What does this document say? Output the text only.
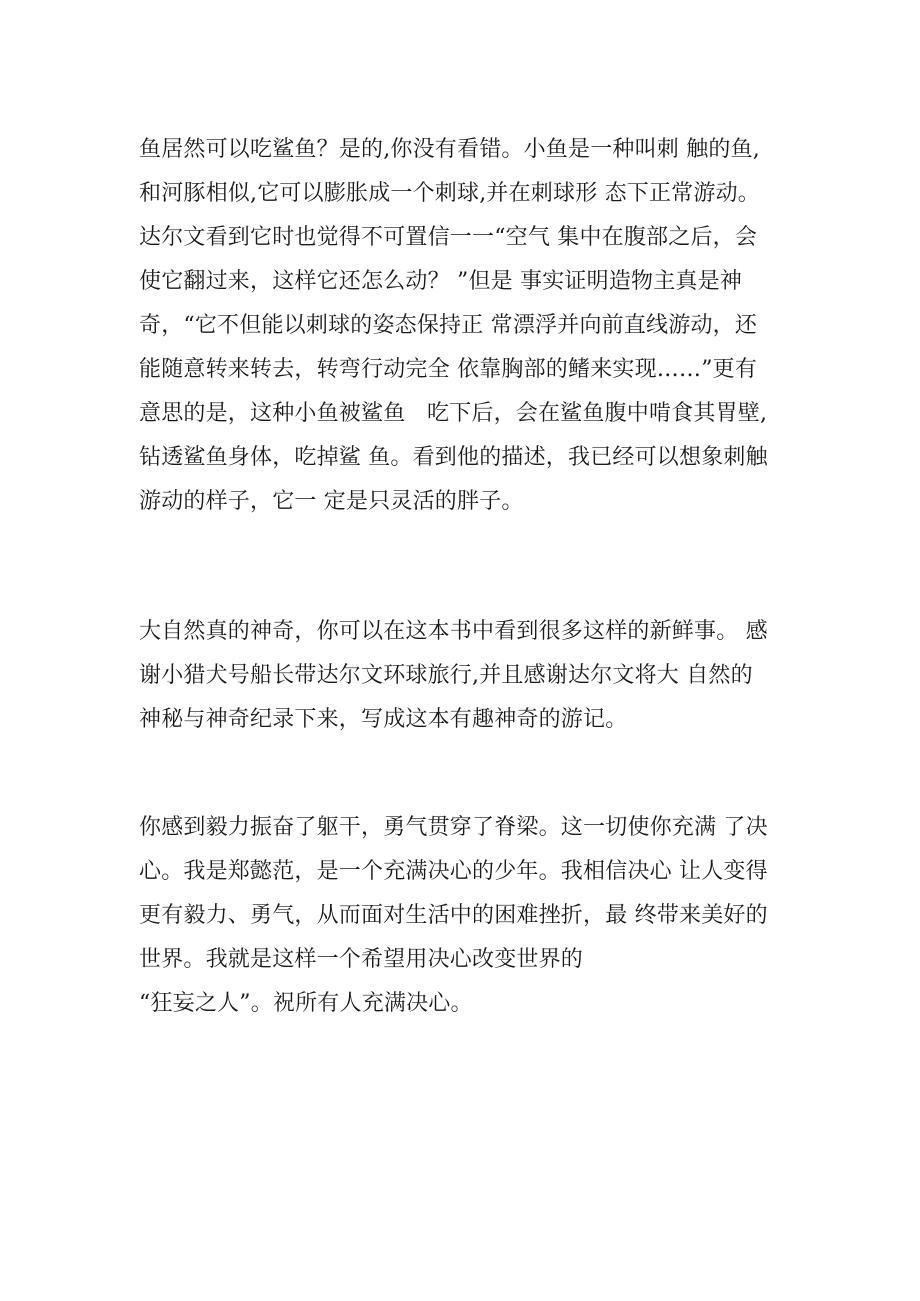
鱼居然可以吃鲨鱼？是的,你没有看错。小鱼是一种叫刺 触的鱼,
和河豚相似,它可以膨胀成一个刺球,并在刺球形 态下正常游动。
达尔文看到它时也觉得不可置信一一“空气 集中在腹部之后，会
使它翻过来，这样它还怎么动？ ”但是 事实证明造物主真是神
奇，“它不但能以刺球的姿态保持正 常漂浮并向前直线游动，还
能随意转来转去，转弯行动完全 依靠胸部的鳍来实现……”更有
意思的是，这种小鱼被鲨鱼   吃下后，会在鲨鱼腹中啃食其胃壁,
钻透鲨鱼身体，吃掉鲨 鱼。看到他的描述，我已经可以想象刺触
游动的样子，它一 定是只灵活的胖子。
大自然真的神奇，你可以在这本书中看到很多这样的新鲜事。 感
谢小猎犬号船长带达尔文环球旅行,并且感谢达尔文将大 自然的
神秘与神奇纪录下来，写成这本有趣神奇的游记。
你感到毅力振奋了躯干，勇气贯穿了脊梁。这一切使你充满 了决
心。我是郑懿范，是一个充满决心的少年。我相信决心 让人变得
更有毅力、勇气，从而面对生活中的困难挫折，最 终带来美好的
世界。我就是这样一个希望用决心改变世界的
“狂妄之人”。祝所有人充满决心。
